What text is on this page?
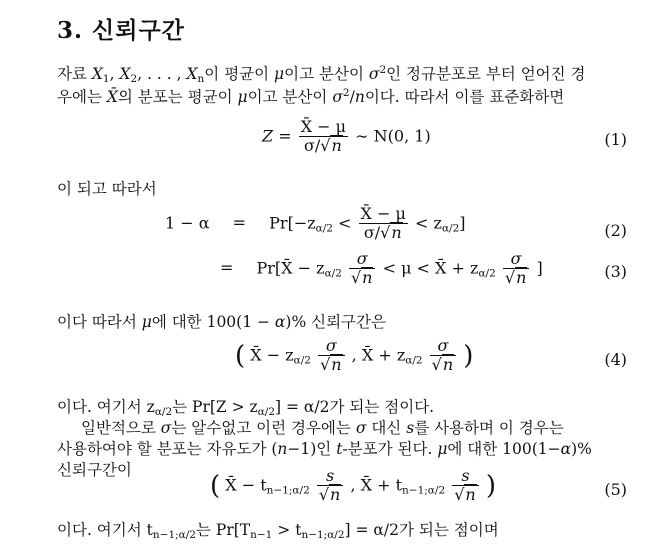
3. 신뢰구간
자료 $X_1$, $X_2$, . . . , $X_n$이 평균이 μ이고 분산이 $\sigma^2$인 정규분포로 부터 얻어진 경
우에는 X̄의 분포는 평균이 μ이고 분산이 $\sigma^2/n$이다. 따라서 이를 표준화하면
$Z = \frac{X̄ - \mu}{\sigma/√n}$ ∼ N(0, 1)	(1)
이 되고 따라서
$1 - \alpha = Pr[-z_{\alpha/2} < \frac{X̄ - \mu}{\sigma/√n} < z_{\alpha/2}]$	(2)
= Pr[X̄ − $z_{\alpha/2} \frac{\sigma}{√n} < \mu$ < X̄ + $z_{\alpha/2} \frac{\sigma}{√n}$ ]	(3)
이다 따라서 μ에 대한 100(1 − α)% 신뢰구간은
( X̄ − $z_{\alpha/2} \frac{\sigma}{√n}$ , X̄ + $z_{\alpha/2} \frac{\sigma}{√n}$ )	(4)
이다. 여기서 $z_{\alpha/2}$는 $Pr[Z > z_{\alpha/2}] = \alpha/2$가 되는 점이다.
일반적으로 σ는 알수없고 이런 경우에는 σ 대신 s를 사용하며 이 경우는
사용하여야 할 분포는 자유도가 (n−1)인 t-분포가 된다. μ에 대한 100(1−α)%
신뢰구간이
( X̄ − $t_{n-1;\alpha/2} \frac{s}{√n}$ , X̄ + $t_{n-1;\alpha/2} \frac{s}{√n}$ )	(5)
이다. 여기서 $t_{n-1;\alpha/2}$는 $Pr[T_{n-1} > t_{n-1;\alpha/2}] = \alpha/2$가 되는 점이며
